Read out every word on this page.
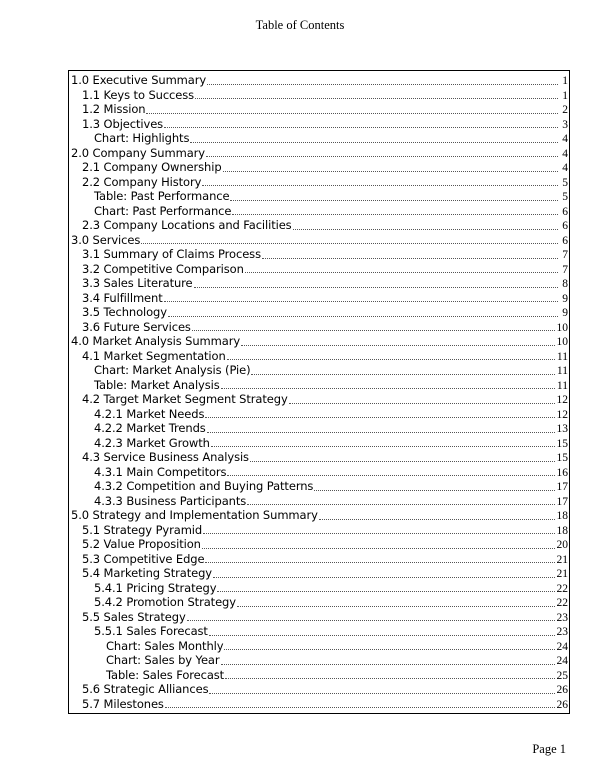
Table of Contents
1.0 Executive Summary	1
1.1 Keys to Success	1
1.2 Mission	2
1.3 Objectives	3
Chart: Highlights	4
2.0 Company Summary	4
2.1 Company Ownership	4
2.2 Company History	5
Table: Past Performance	5
Chart: Past Performance	6
2.3 Company Locations and Facilities	6
3.0 Services	6
3.1 Summary of Claims Process	7
3.2 Competitive Comparison	7
3.3 Sales Literature	8
3.4 Fulfillment	9
3.5 Technology	9
3.6 Future Services	10
4.0 Market Analysis Summary	10
4.1 Market Segmentation	11
Chart: Market Analysis (Pie)	11
Table: Market Analysis	11
4.2 Target Market Segment Strategy	12
4.2.1 Market Needs	12
4.2.2 Market Trends	13
4.2.3 Market Growth	15
4.3 Service Business Analysis	15
4.3.1 Main Competitors	16
4.3.2 Competition and Buying Patterns	17
4.3.3 Business Participants	17
5.0 Strategy and Implementation Summary	18
5.1 Strategy Pyramid	18
5.2 Value Proposition	20
5.3 Competitive Edge	21
5.4 Marketing Strategy	21
5.4.1 Pricing Strategy	22
5.4.2 Promotion Strategy	22
5.5 Sales Strategy	23
5.5.1 Sales Forecast	23
Chart: Sales Monthly	24
Chart: Sales by Year	24
Table: Sales Forecast	25
5.6 Strategic Alliances	26
5.7 Milestones	26
Page 1
